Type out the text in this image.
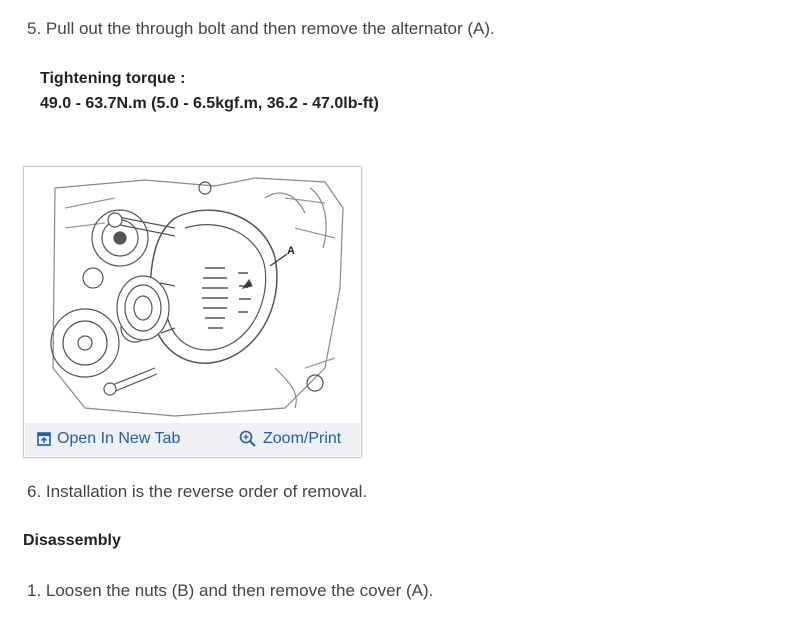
5. Pull out the through bolt and then remove the alternator (A).
Tightening torque :
49.0 - 63.7N.m (5.0 - 6.5kgf.m, 36.2 - 47.0lb-ft)
A
Open In New Tab	Zoom/Print
6. Installation is the reverse order of removal.
Disassembly
1. Loosen the nuts (B) and then remove the cover (A).
